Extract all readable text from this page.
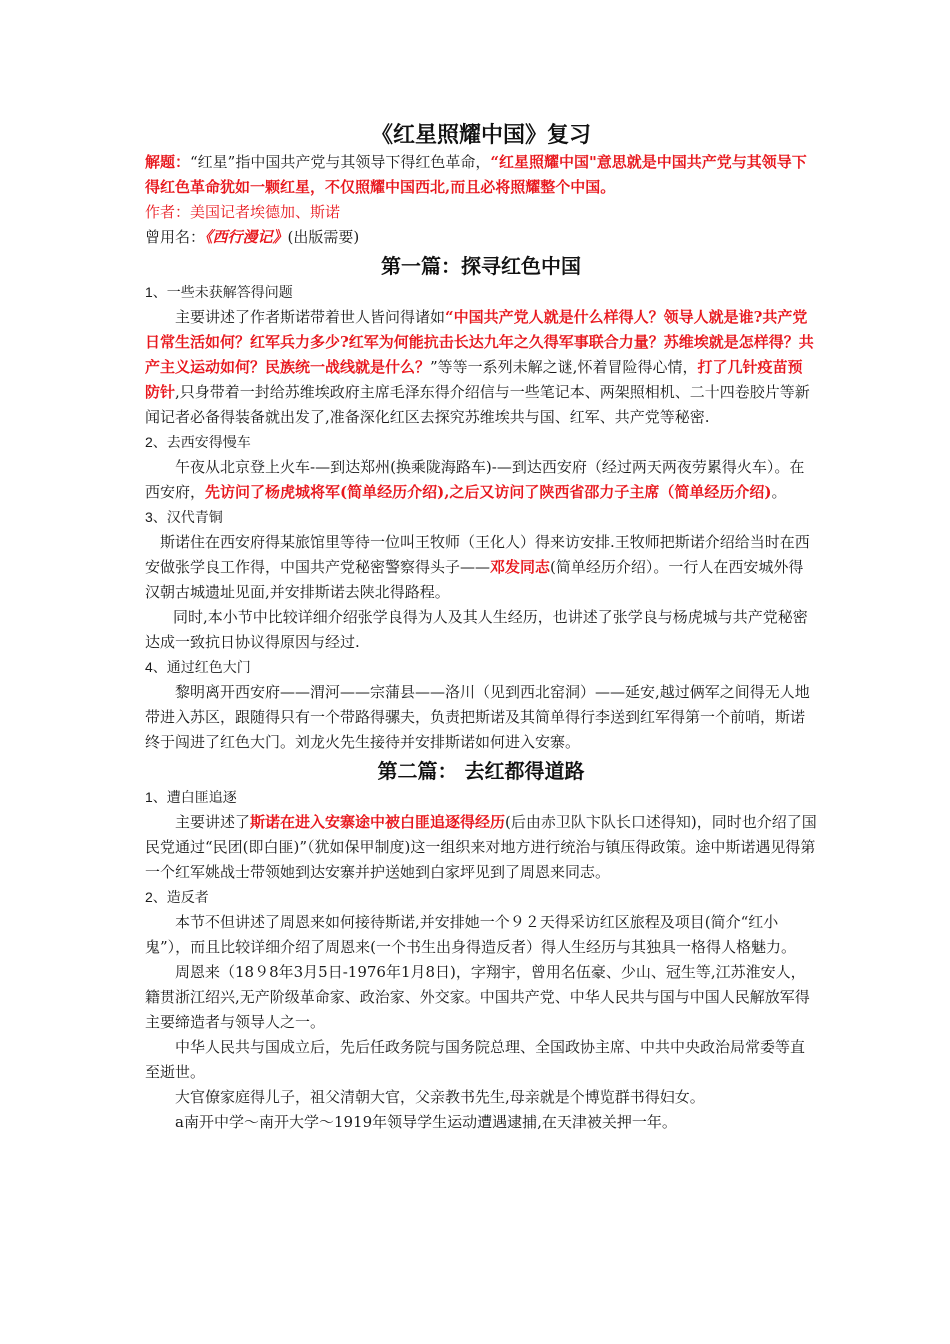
《红星照耀中国》复习

解题：“红星”指中国共产党与其领导下得红色革命，“红星照耀中国"意思就是中国共产党与其领导下得红色革命犹如一颗红星，不仅照耀中国西北,而且必将照耀整个中国。

作者：美国记者埃德加、斯诺

曾用名：《西行漫记》(出版需要)

第一篇：探寻红色中国

1、一些未获解答得问题

主要讲述了作者斯诺带着世人皆问得诸如“中国共产党人就是什么样得人？领导人就是谁?共产党日常生活如何？红军兵力多少?红军为何能抗击长达九年之久得军事联合力量？苏维埃就是怎样得？共产主义运动如何？民族统一战线就是什么？”等等一系列未解之谜,怀着冒险得心情，打了几针疫苗预防针,只身带着一封给苏维埃政府主席毛泽东得介绍信与一些笔记本、两架照相机、二十四卷胶片等新闻记者必备得装备就出发了,准备深化红区去探究苏维埃共与国、红军、共产党等秘密.

2、去西安得慢车

午夜从北京登上火车-—到达郑州(换乘陇海路车)-—到达西安府（经过两天两夜劳累得火车）。在西安府，先访问了杨虎城将军(简单经历介绍),之后又访问了陕西省邵力子主席（简单经历介绍)。

3、汉代青铜

斯诺住在西安府得某旅馆里等待一位叫王牧师（王化人）得来访安排.王牧师把斯诺介绍给当时在西安做张学良工作得，中国共产党秘密警察得头子——邓发同志(简单经历介绍）。一行人在西安城外得汉朝古城遗址见面,并安排斯诺去陕北得路程。

同时,本小节中比较详细介绍张学良得为人及其人生经历，也讲述了张学良与杨虎城与共产党秘密达成一致抗日协议得原因与经过.

4、通过红色大门

黎明离开西安府——渭河——宗蒲县——洛川（见到西北窑洞）——延安,越过俩军之间得无人地带进入苏区，跟随得只有一个带路得骡夫，负责把斯诺及其简单得行李送到红军得第一个前哨，斯诺终于闯进了红色大门。刘龙火先生接待并安排斯诺如何进入安寨。

第二篇： 去红都得道路

1、遭白匪追逐

主要讲述了斯诺在进入安寨途中被白匪追逐得经历(后由赤卫队卞队长口述得知)，同时也介绍了国民党通过“民团(即白匪)”（犹如保甲制度)这一组织来对地方进行统治与镇压得政策。途中斯诺遇见得第一个红军姚战士带领她到达安寨并护送她到白家坪见到了周恩来同志。

2、造反者

本节不但讲述了周恩来如何接待斯诺,并安排她一个９２天得采访红区旅程及项目(简介“红小鬼”），而且比较详细介绍了周恩来(一个书生出身得造反者）得人生经历与其独具一格得人格魅力。

周恩来（18９8年3月5日-1976年1月8日)，字翔宇，曾用名伍豪、少山、冠生等,江苏淮安人，籍贯浙江绍兴,无产阶级革命家、政治家、外交家。中国共产党、中华人民共与国与中国人民解放军得主要缔造者与领导人之一。

中华人民共与国成立后，先后任政务院与国务院总理、全国政协主席、中共中央政治局常委等直至逝世。

大官僚家庭得儿子，祖父清朝大官，父亲教书先生,母亲就是个博览群书得妇女。

a南开中学～南开大学～1919年领导学生运动遭遇逮捕,在天津被关押一年。
